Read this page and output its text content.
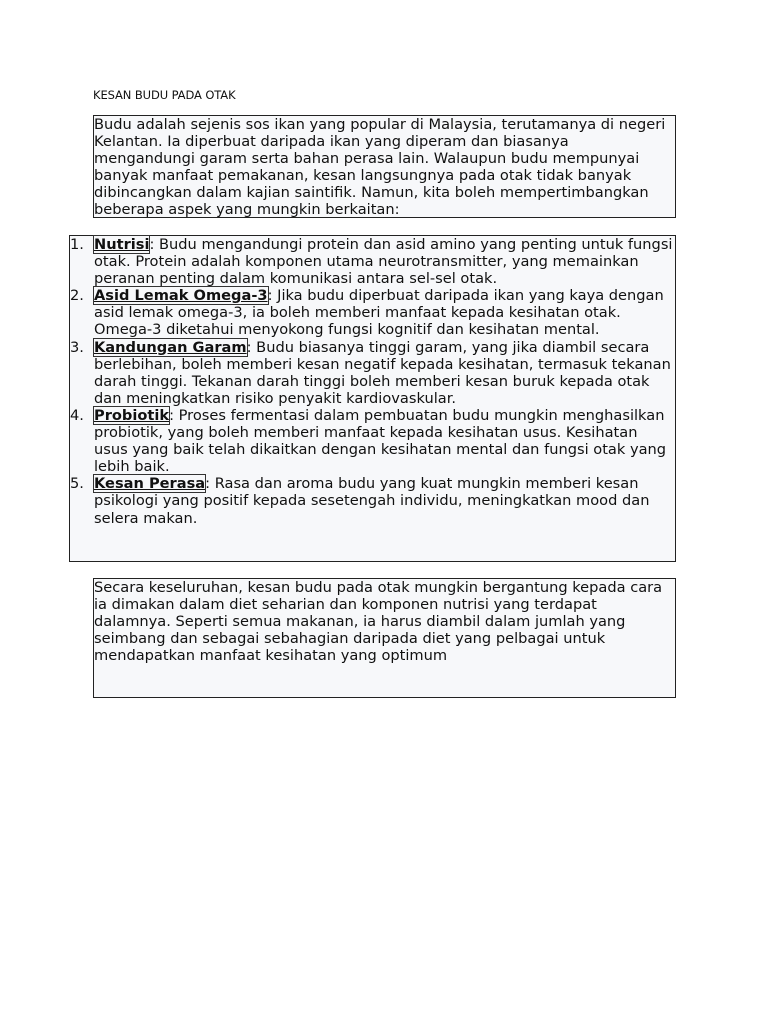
KESAN BUDU PADA OTAK

Budu adalah sejenis sos ikan yang popular di Malaysia, terutamanya di negeri Kelantan. Ia diperbuat daripada ikan yang diperam dan biasanya mengandungi garam serta bahan perasa lain. Walaupun budu mempunyai banyak manfaat pemakanan, kesan langsungnya pada otak tidak banyak dibincangkan dalam kajian saintifik. Namun, kita boleh mempertimbangkan beberapa aspek yang mungkin berkaitan:

1. Nutrisi: Budu mengandungi protein dan asid amino yang penting untuk fungsi otak. Protein adalah komponen utama neurotransmitter, yang memainkan peranan penting dalam komunikasi antara sel-sel otak.
2. Asid Lemak Omega-3: Jika budu diperbuat daripada ikan yang kaya dengan asid lemak omega-3, ia boleh memberi manfaat kepada kesihatan otak. Omega-3 diketahui menyokong fungsi kognitif dan kesihatan mental.
3. Kandungan Garam: Budu biasanya tinggi garam, yang jika diambil secara berlebihan, boleh memberi kesan negatif kepada kesihatan, termasuk tekanan darah tinggi. Tekanan darah tinggi boleh memberi kesan buruk kepada otak dan meningkatkan risiko penyakit kardiovaskular.
4. Probiotik: Proses fermentasi dalam pembuatan budu mungkin menghasilkan probiotik, yang boleh memberi manfaat kepada kesihatan usus. Kesihatan usus yang baik telah dikaitkan dengan kesihatan mental dan fungsi otak yang lebih baik.
5. Kesan Perasa: Rasa dan aroma budu yang kuat mungkin memberi kesan psikologi yang positif kepada sesetengah individu, meningkatkan mood dan selera makan.

Secara keseluruhan, kesan budu pada otak mungkin bergantung kepada cara ia dimakan dalam diet seharian dan komponen nutrisi yang terdapat dalamnya. Seperti semua makanan, ia harus diambil dalam jumlah yang seimbang dan sebagai sebahagian daripada diet yang pelbagai untuk mendapatkan manfaat kesihatan yang optimum
